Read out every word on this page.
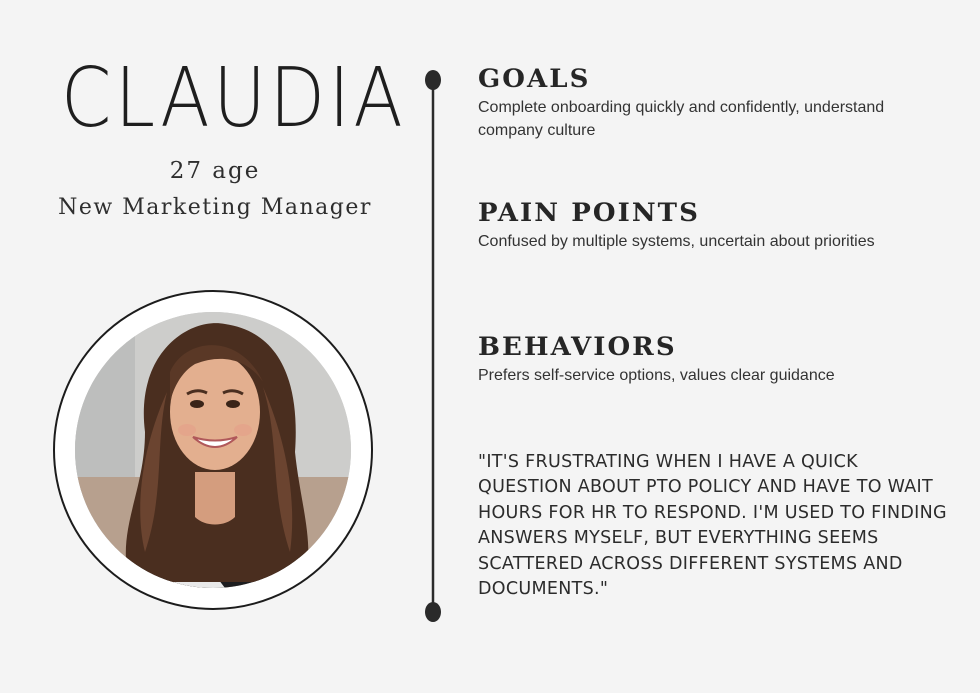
CLAUDIA

27 age

New Marketing Manager

GOALS

Complete onboarding quickly and confidently, understand company culture

PAIN POINTS

Confused by multiple systems, uncertain about priorities

BEHAVIORS

Prefers self-service options, values clear guidance

"IT'S FRUSTRATING WHEN I HAVE A QUICK QUESTION ABOUT PTO POLICY AND HAVE TO WAIT HOURS FOR HR TO RESPOND. I'M USED TO FINDING ANSWERS MYSELF, BUT EVERYTHING SEEMS SCATTERED ACROSS DIFFERENT SYSTEMS AND DOCUMENTS."
